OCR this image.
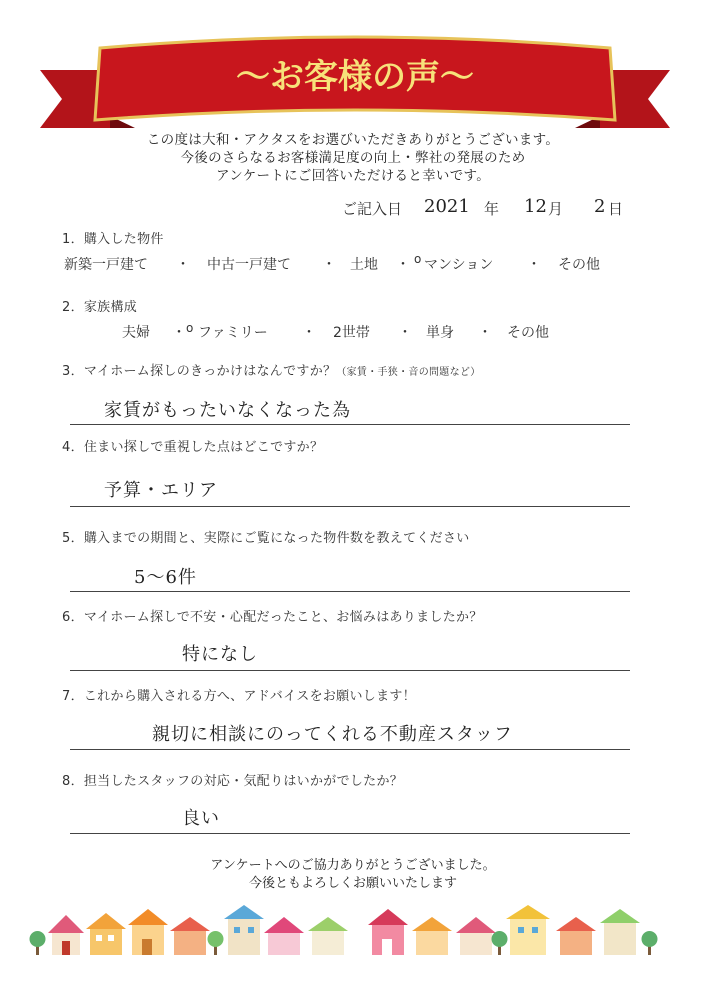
～お客様の声～
この度は大和・アクタスをお選びいただきありがとうございます。
今後のさらなるお客様満足度の向上・弊社の発展のため
アンケートにご回答いただけると幸いです。
ご記入日 2021 年 12 月 2 日
1．購入した物件
新築一戸建て ・ 中古一戸建て ・ 土地 ・ o マンション ・ その他
2．家族構成
夫婦 ・ o ファミリー ・ 2世帯 ・ 単身 ・ その他
3．マイホーム探しのきっかけはなんですか？（家賃・手狭・音の問題など）
家賃がもったいなくなった為
4．住まい探しで重視した点はどこですか？
予算・エリア
5．購入までの期間と、実際にご覧になった物件数を教えてください
5～6件
6．マイホーム探しで不安・心配だったこと、お悩みはありましたか？
特になし
7．これから購入される方へ、アドバイスをお願いします！
親切に相談にのってくれる不動産スタッフ
8．担当したスタッフの対応・気配りはいかがでしたか？
良い
アンケートへのご協力ありがとうございました。
今後ともよろしくお願いいたします
